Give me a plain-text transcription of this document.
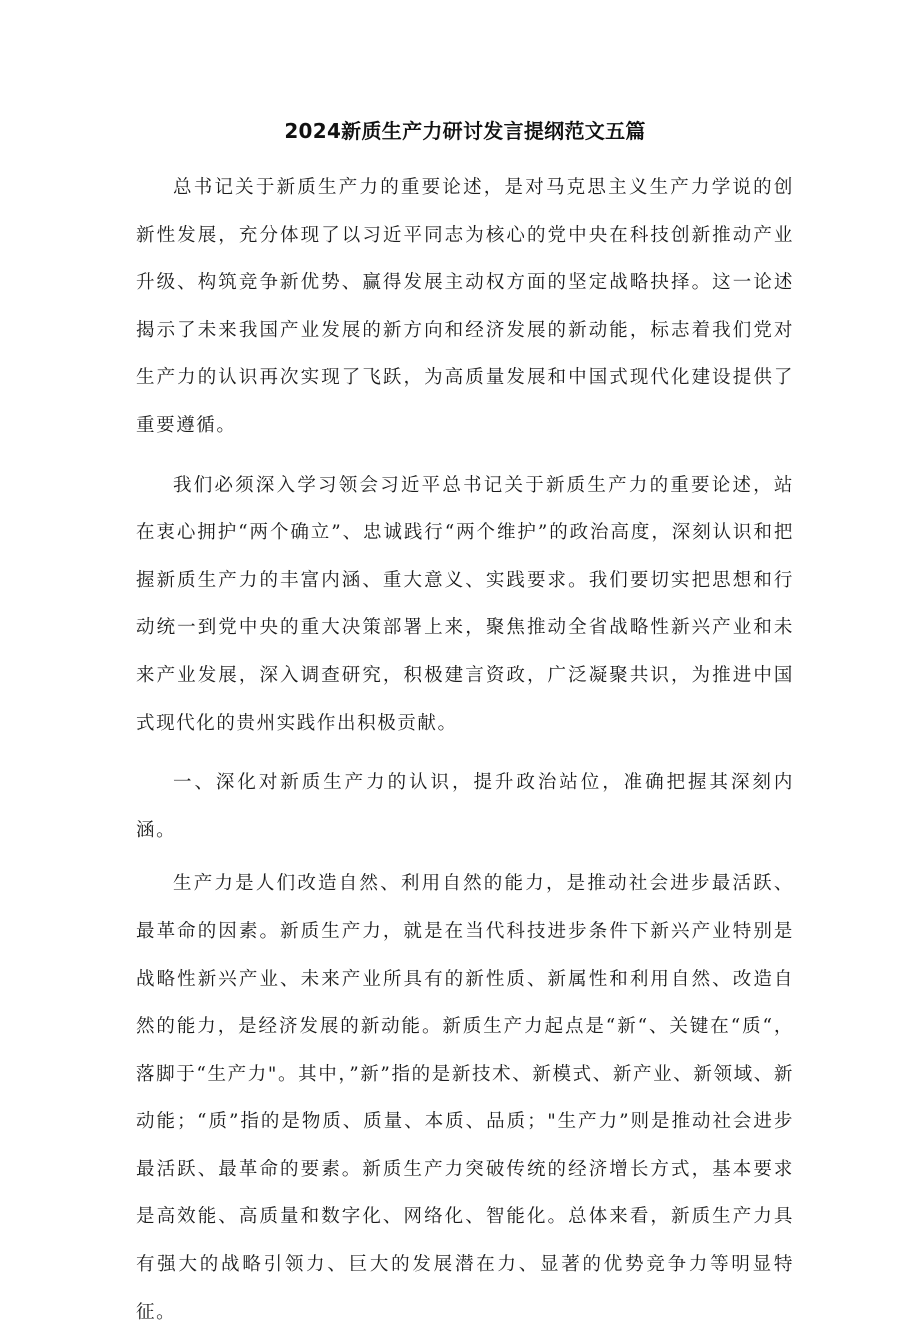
2024新质生产力研讨发言提纲范文五篇

总书记关于新质生产力的重要论述，是对马克思主义生产力学说的创新性发展，充分体现了以习近平同志为核心的党中央在科技创新推动产业升级、构筑竞争新优势、赢得发展主动权方面的坚定战略抉择。这一论述揭示了未来我国产业发展的新方向和经济发展的新动能，标志着我们党对生产力的认识再次实现了飞跃，为高质量发展和中国式现代化建设提供了重要遵循。

我们必须深入学习领会习近平总书记关于新质生产力的重要论述，站在衷心拥护“两个确立”、忠诚践行“两个维护”的政治高度，深刻认识和把握新质生产力的丰富内涵、重大意义、实践要求。我们要切实把思想和行动统一到党中央的重大决策部署上来，聚焦推动全省战略性新兴产业和未来产业发展，深入调查研究，积极建言资政，广泛凝聚共识，为推进中国式现代化的贵州实践作出积极贡献。

一、深化对新质生产力的认识，提升政治站位，准确把握其深刻内涵。

生产力是人们改造自然、利用自然的能力，是推动社会进步最活跃、最革命的因素。新质生产力，就是在当代科技进步条件下新兴产业特别是战略性新兴产业、未来产业所具有的新性质、新属性和利用自然、改造自然的能力，是经济发展的新动能。新质生产力起点是“新“、关键在“质“，落脚于“生产力"。其中，”新”指的是新技术、新模式、新产业、新领域、新动能；“质”指的是物质、质量、本质、品质；"生产力”则是推动社会进步最活跃、最革命的要素。新质生产力突破传统的经济增长方式，基本要求是高效能、高质量和数字化、网络化、智能化。总体来看，新质生产力具有强大的战略引领力、巨大的发展潜在力、显著的优势竞争力等明显特征。
